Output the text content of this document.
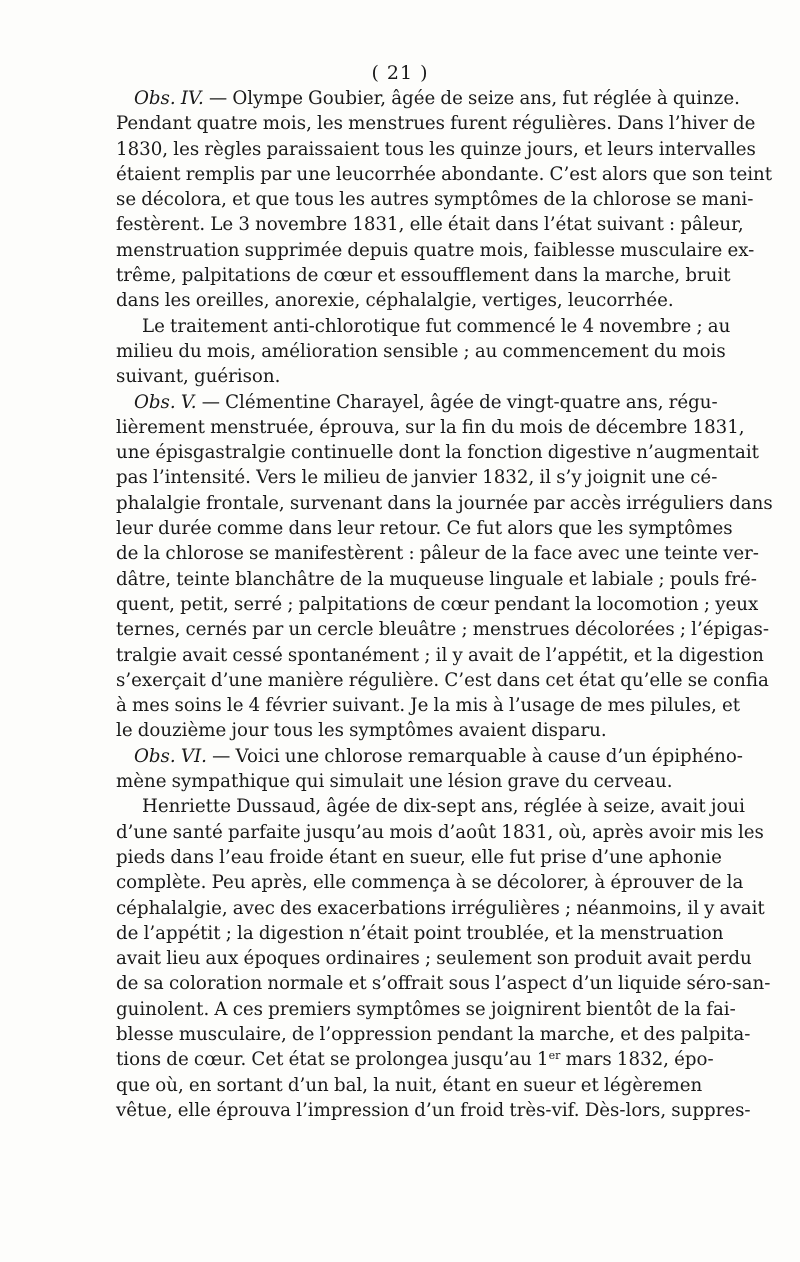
( 21 )
Obs. IV. — Olympe Goubier, âgée de seize ans, fut réglée à quinze.
Pendant quatre mois, les menstrues furent régulières. Dans l’hiver de
1830, les règles paraissaient tous les quinze jours, et leurs intervalles
étaient remplis par une leucorrhée abondante. C’est alors que son teint
se décolora, et que tous les autres symptômes de la chlorose se mani-
festèrent. Le 3 novembre 1831, elle était dans l’état suivant : pâleur,
menstruation supprimée depuis quatre mois, faiblesse musculaire ex-
trême, palpitations de cœur et essoufflement dans la marche, bruit
dans les oreilles, anorexie, céphalalgie, vertiges, leucorrhée.
Le traitement anti-chlorotique fut commencé le 4 novembre ; au
milieu du mois, amélioration sensible ; au commencement du mois
suivant, guérison.
Obs. V. — Clémentine Charayel, âgée de vingt-quatre ans, régu-
lièrement menstruée, éprouva, sur la fin du mois de décembre 1831,
une épisgastralgie continuelle dont la fonction digestive n’augmentait
pas l’intensité. Vers le milieu de janvier 1832, il s’y joignit une cé-
phalalgie frontale, survenant dans la journée par accès irréguliers dans
leur durée comme dans leur retour. Ce fut alors que les symptômes
de la chlorose se manifestèrent : pâleur de la face avec une teinte ver-
dâtre, teinte blanchâtre de la muqueuse linguale et labiale ; pouls fré-
quent, petit, serré ; palpitations de cœur pendant la locomotion ; yeux
ternes, cernés par un cercle bleuâtre ; menstrues décolorées ; l’épigas-
tralgie avait cessé spontanément ; il y avait de l’appétit, et la digestion
s’exerçait d’une manière régulière. C’est dans cet état qu’elle se confia
à mes soins le 4 février suivant. Je la mis à l’usage de mes pilules, et
le douzième jour tous les symptômes avaient disparu.
Obs. VI. — Voici une chlorose remarquable à cause d’un épiphéno-
mène sympathique qui simulait une lésion grave du cerveau.
Henriette Dussaud, âgée de dix-sept ans, réglée à seize, avait joui
d’une santé parfaite jusqu’au mois d’août 1831, où, après avoir mis les
pieds dans l’eau froide étant en sueur, elle fut prise d’une aphonie
complète. Peu après, elle commença à se décolorer, à éprouver de la
céphalalgie, avec des exacerbations irrégulières ; néanmoins, il y avait
de l’appétit ; la digestion n’était point troublée, et la menstruation
avait lieu aux époques ordinaires ; seulement son produit avait perdu
de sa coloration normale et s’offrait sous l’aspect d’un liquide séro-san-
guinolent. A ces premiers symptômes se joignirent bientôt de la fai-
blesse musculaire, de l’oppression pendant la marche, et des palpita-
tions de cœur. Cet état se prolongea jusqu’au 1er mars 1832, épo-
que où, en sortant d’un bal, la nuit, étant en sueur et légèremen
vêtue, elle éprouva l’impression d’un froid très-vif. Dès-lors, suppres-
